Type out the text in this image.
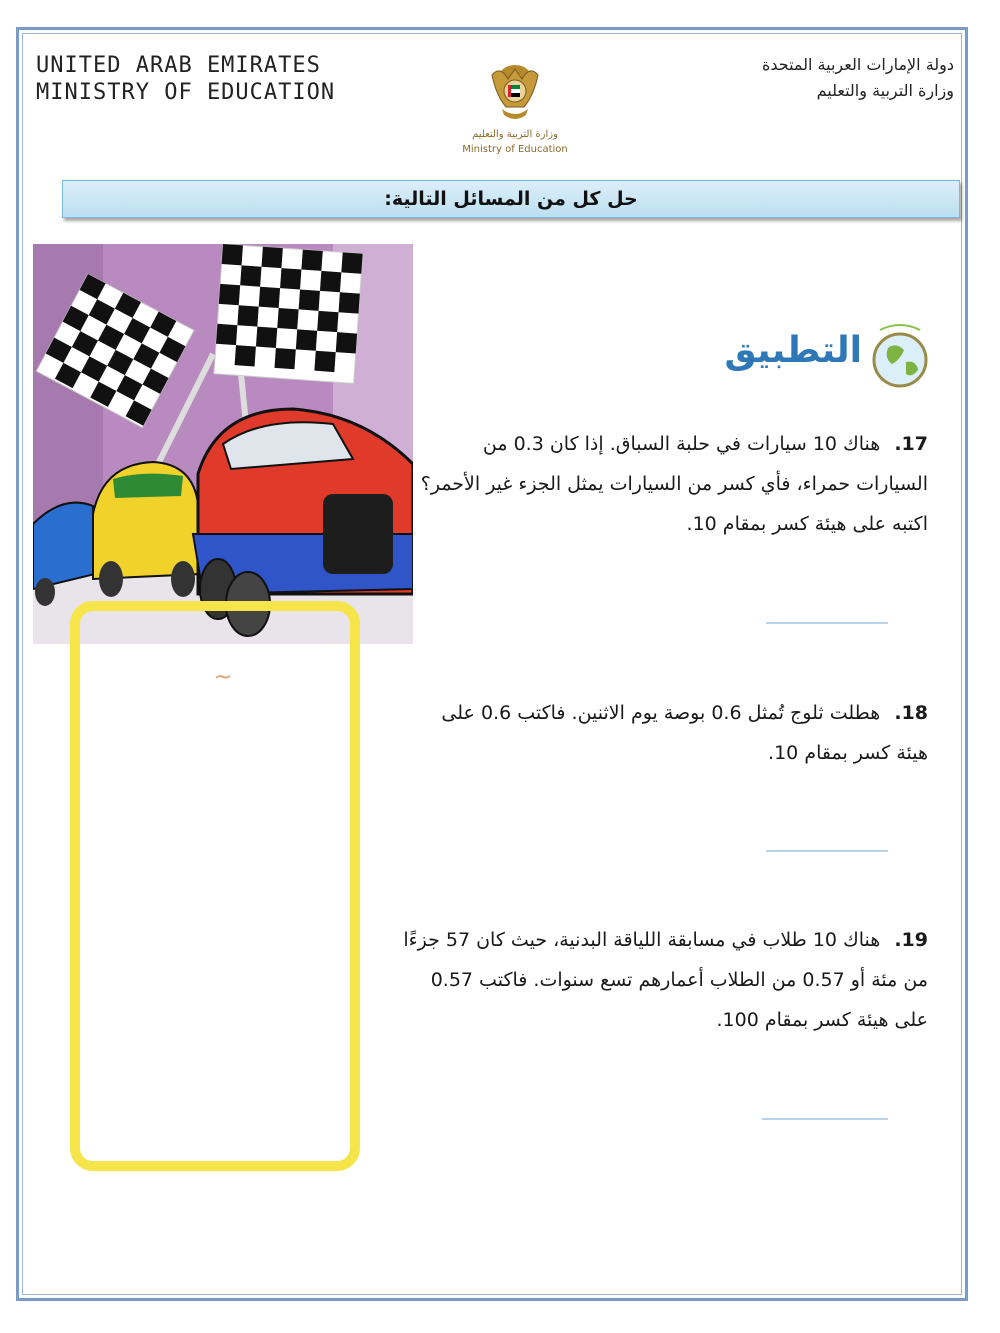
UNITED ARAB EMIRATES
MINISTRY OF EDUCATION
دولة الإمارات العربية المتحدة
وزارة التربية والتعليم
وزارة التربية والتعليم
Ministry of Education
حل كل من المسائل التالية:
~
التطبيق
17. هناك 10 سيارات في حلبة السباق. إذا كان 0.3 من السيارات حمراء، فأي كسر من السيارات يمثل الجزء غير الأحمر؟ اكتبه على هيئة كسر بمقام 10.
18. هطلت ثلوج تُمثل 0.6 بوصة يوم الاثنين. فاكتب 0.6 على هيئة كسر بمقام 10.
19. هناك 10 طلاب في مسابقة اللياقة البدنية، حيث كان 57 جزءًا من مئة أو 0.57 من الطلاب أعمارهم تسع سنوات. فاكتب 0.57 على هيئة كسر بمقام 100.
